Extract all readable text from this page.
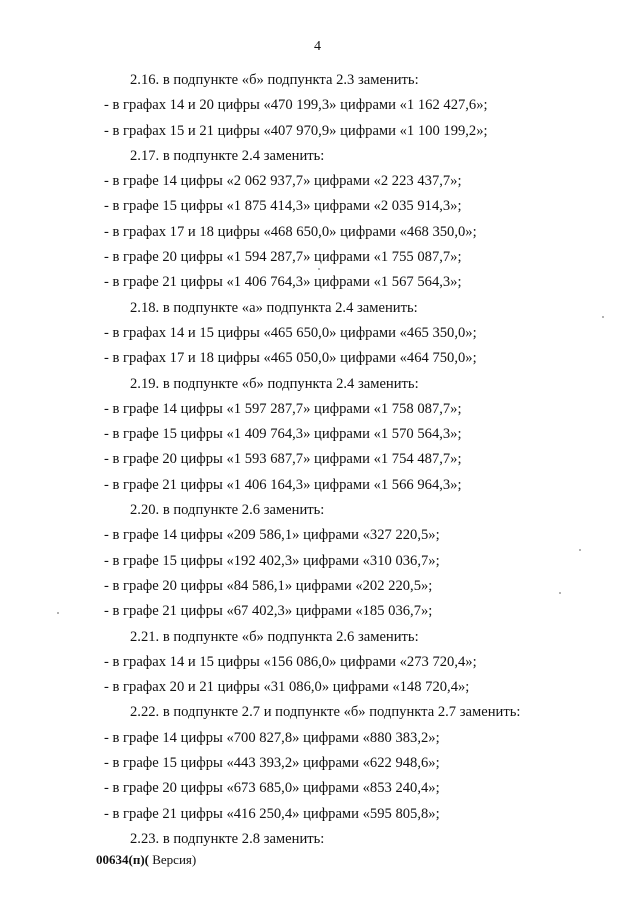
4
2.16. в подпункте «б» подпункта 2.3 заменить:
- в графах 14 и 20 цифры «470 199,3» цифрами «1 162 427,6»;
- в графах 15 и 21 цифры «407 970,9» цифрами «1 100 199,2»;
2.17. в подпункте 2.4 заменить:
- в графе 14 цифры «2 062 937,7» цифрами «2 223 437,7»;
- в графе 15 цифры «1 875 414,3» цифрами «2 035 914,3»;
- в графах 17 и 18 цифры «468 650,0» цифрами «468 350,0»;
- в графе 20 цифры «1 594 287,7» цифрами «1 755 087,7»;
- в графе 21 цифры «1 406 764,3» цифрами «1 567 564,3»;
2.18. в подпункте «а» подпункта 2.4 заменить:
- в графах 14 и 15 цифры «465 650,0» цифрами «465 350,0»;
- в графах 17 и 18 цифры «465 050,0» цифрами «464 750,0»;
2.19. в подпункте «б» подпункта 2.4 заменить:
- в графе 14 цифры «1 597 287,7» цифрами «1 758 087,7»;
- в графе 15 цифры «1 409 764,3» цифрами «1 570 564,3»;
- в графе 20 цифры «1 593 687,7» цифрами «1 754 487,7»;
- в графе 21 цифры «1 406 164,3» цифрами «1 566 964,3»;
2.20. в подпункте 2.6 заменить:
- в графе 14 цифры «209 586,1» цифрами «327 220,5»;
- в графе 15 цифры «192 402,3» цифрами «310 036,7»;
- в графе 20 цифры «84 586,1» цифрами «202 220,5»;
- в графе 21 цифры «67 402,3» цифрами «185 036,7»;
2.21. в подпункте «б» подпункта 2.6 заменить:
- в графах 14 и 15 цифры «156 086,0» цифрами «273 720,4»;
- в графах 20 и 21 цифры «31 086,0» цифрами «148 720,4»;
2.22. в подпункте 2.7 и подпункте «б» подпункта 2.7 заменить:
- в графе 14 цифры «700 827,8» цифрами «880 383,2»;
- в графе 15 цифры «443 393,2» цифрами «622 948,6»;
- в графе 20 цифры «673 685,0» цифрами «853 240,4»;
- в графе 21 цифры «416 250,4» цифрами «595 805,8»;
2.23. в подпункте 2.8 заменить:
00634(п)( Версия)
